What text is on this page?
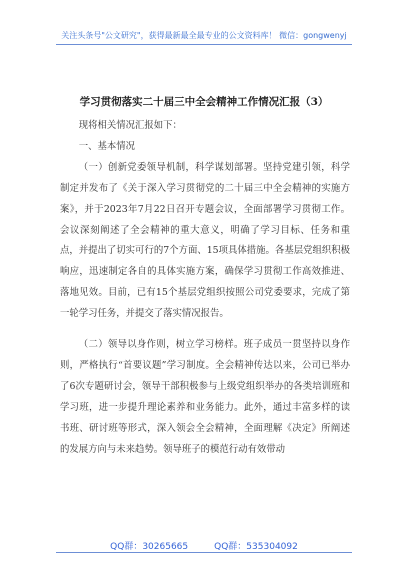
关注头条号"公文研究"，获得最新最全最专业的公文资料库！ 微信：gongwenyj
学习贯彻落实二十届三中全会精神工作情况汇报（3）

现将相关情况汇报如下：

一、基本情况

（一）创新党委领导机制，科学谋划部署。坚持党建引领，科学制定并发布了《关于深入学习贯彻党的二十届三中全会精神的实施方案》，并于2023年7月22日召开专题会议，全面部署学习贯彻工作。会议深刻阐述了全会精神的重大意义，明确了学习目标、任务和重点，并提出了切实可行的7个方面、15项具体措施。各基层党组织积极响应，迅速制定各自的具体实施方案，确保学习贯彻工作高效推进、落地见效。目前，已有15个基层党组织按照公司党委要求，完成了第一轮学习任务，并提交了落实情况报告。

（二）领导以身作则，树立学习榜样。班子成员一贯坚持以身作则，严格执行“首要议题”学习制度。全会精神传达以来，公司已举办了6次专题研讨会，领导干部积极参与上级党组织举办的各类培训班和学习班，进一步提升理论素养和业务能力。此外，通过丰富多样的读书班、研讨班等形式，深入领会全会精神，全面理解《决定》所阐述的发展方向与未来趋势。领导班子的模范行动有效带动

QQ群：30265665	QQ群：535304092
